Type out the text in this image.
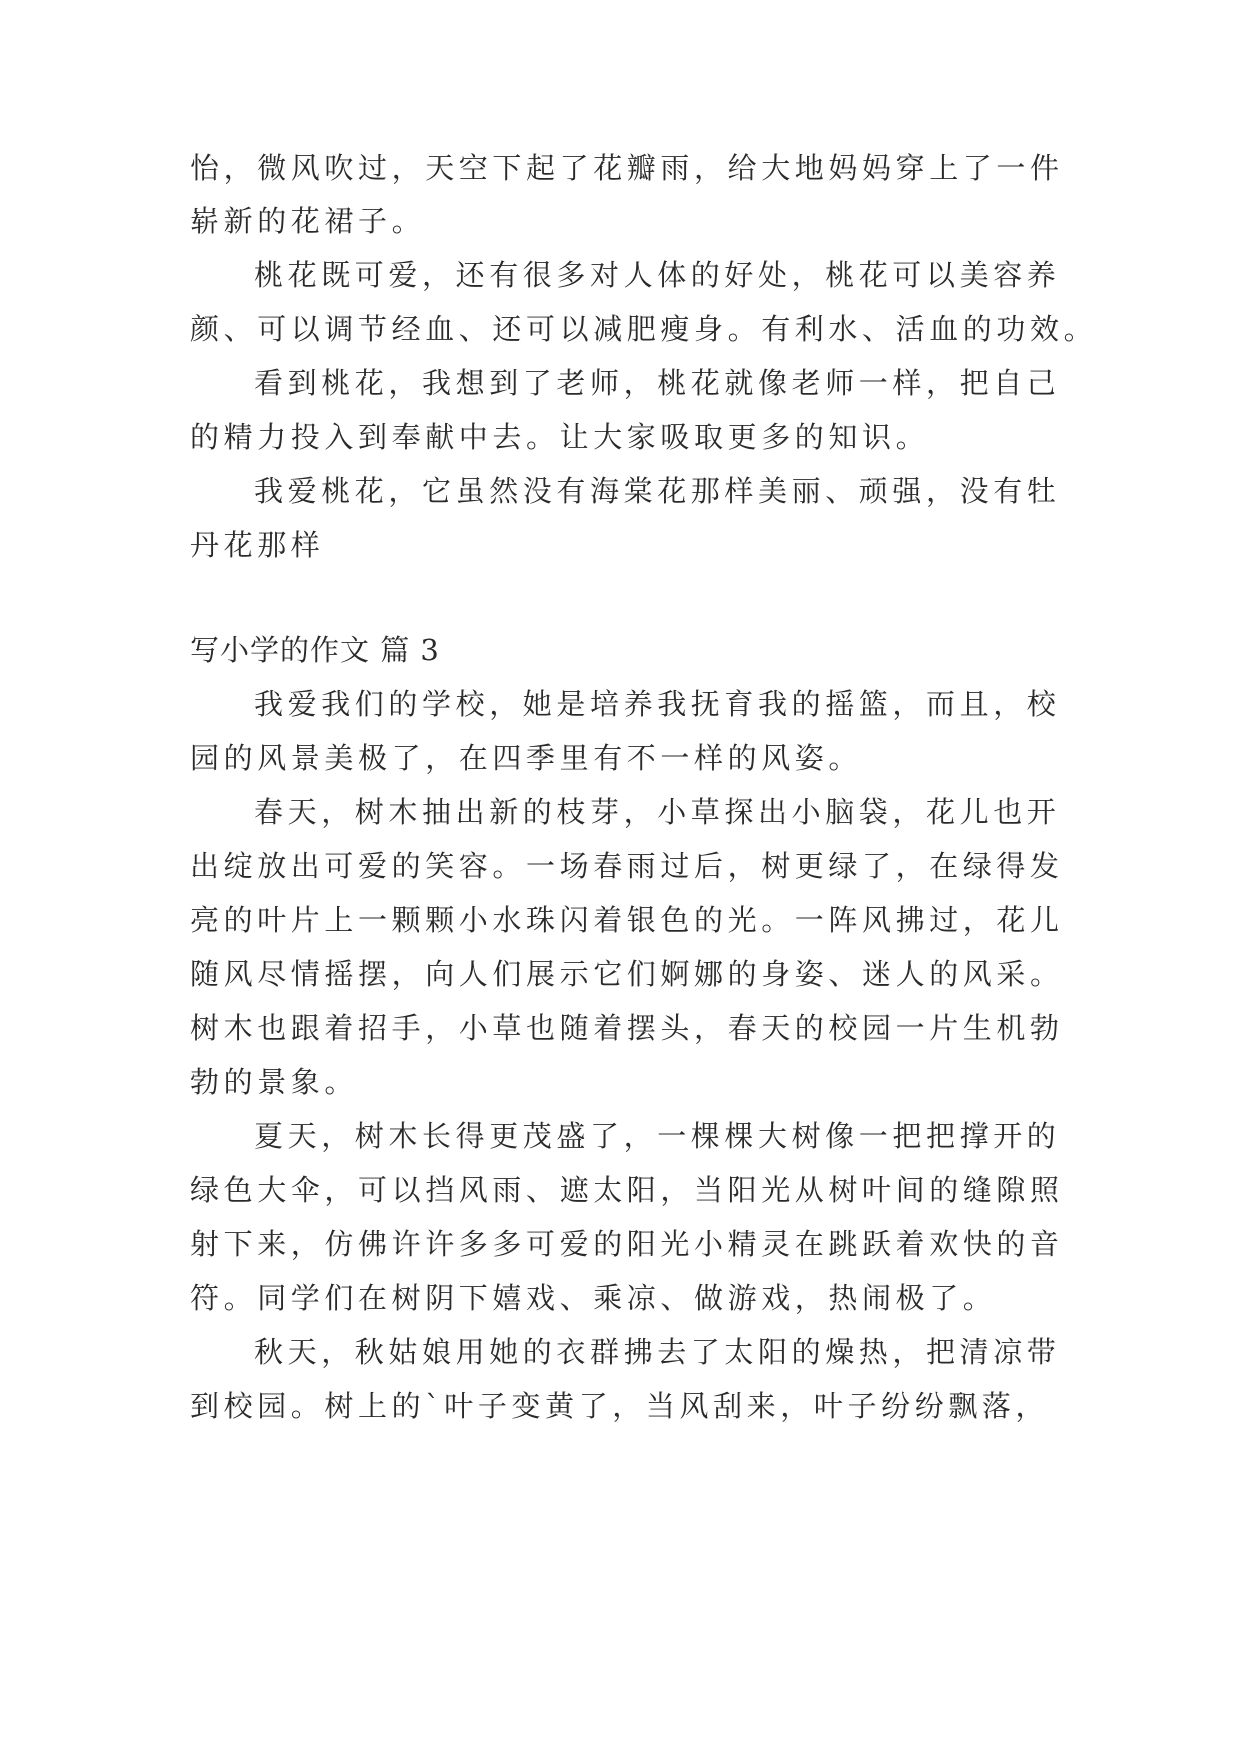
怡，微风吹过，天空下起了花瓣雨，给大地妈妈穿上了一件
崭新的花裙子。
桃花既可爱，还有很多对人体的好处，桃花可以美容养
颜、可以调节经血、还可以减肥瘦身。有利水、活血的功效。
看到桃花，我想到了老师，桃花就像老师一样，把自己
的精力投入到奉献中去。让大家吸取更多的知识。
我爱桃花，它虽然没有海棠花那样美丽、顽强，没有牡
丹花那样
写小学的作文 篇 3
我爱我们的学校，她是培养我抚育我的摇篮，而且，校
园的风景美极了，在四季里有不一样的风姿。
春天，树木抽出新的枝芽，小草探出小脑袋，花儿也开
出绽放出可爱的笑容。一场春雨过后，树更绿了，在绿得发
亮的叶片上一颗颗小水珠闪着银色的光。一阵风拂过，花儿
随风尽情摇摆，向人们展示它们婀娜的身姿、迷人的风采。
树木也跟着招手，小草也随着摆头，春天的校园一片生机勃
勃的景象。
夏天，树木长得更茂盛了，一棵棵大树像一把把撑开的
绿色大伞，可以挡风雨、遮太阳，当阳光从树叶间的缝隙照
射下来，仿佛许许多多可爱的阳光小精灵在跳跃着欢快的音
符。同学们在树阴下嬉戏、乘凉、做游戏，热闹极了。
秋天，秋姑娘用她的衣群拂去了太阳的燥热，把清凉带
到校园。树上的`叶子变黄了，当风刮来，叶子纷纷飘落，
